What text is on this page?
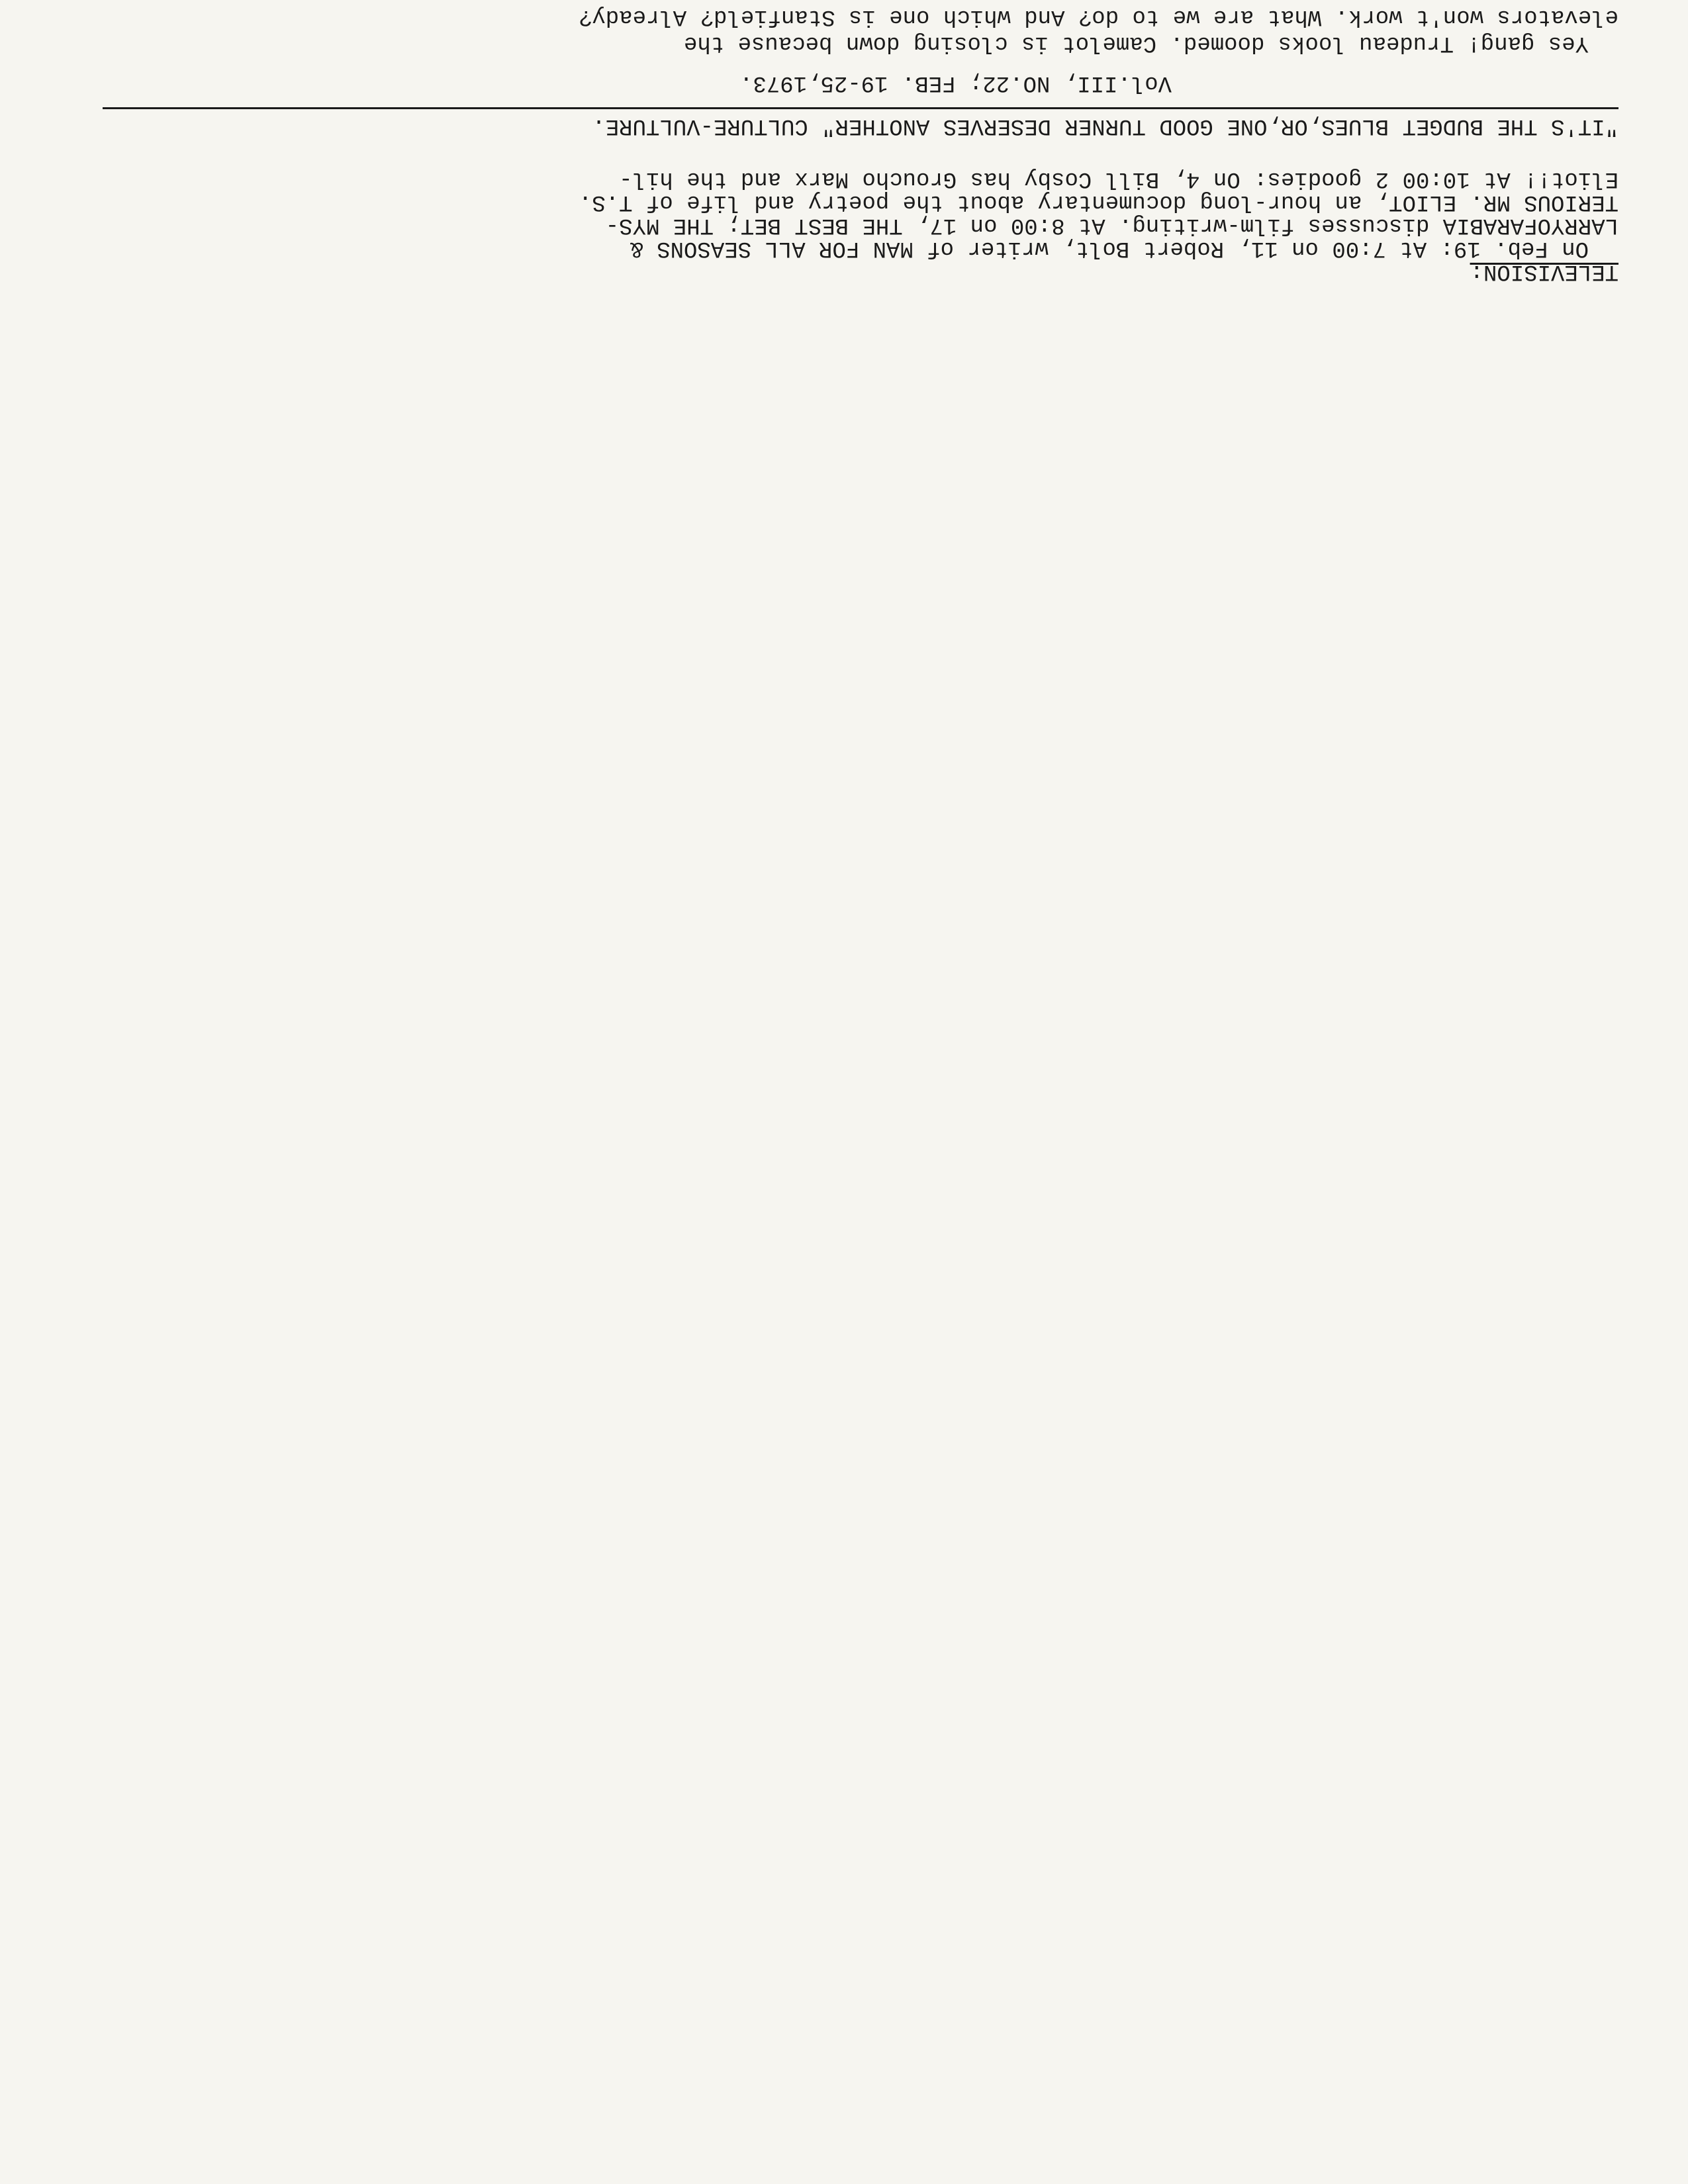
"IT'S THE BUDGET BLUES,OR,ONE GOOD TURNER DESERVES ANOTHER" CULTURE-VULTURE.

Vol.III, NO.22; FEB. 19-25,1973.

Yes gang! Trudeau looks doomed. Camelot is closing down because the

elevators won't work. What are we to do? And which one is Stanfield? Already?

TELEVISION:

On Feb. 19: At 7:00 on 11, Robert Bolt, writer of MAN FOR ALL SEASONS &

LARRYOFARABIA discusses film-writing. At 8:00 on 17, THE BEST BET; THE MYS-

TERIOUS MR. ELIOT, an hour-long documentary about the poetry and life of T.S.

Eliot!! At 10:00 2 goodies: On 4, Bill Cosby has Groucho Marx and the hil-
